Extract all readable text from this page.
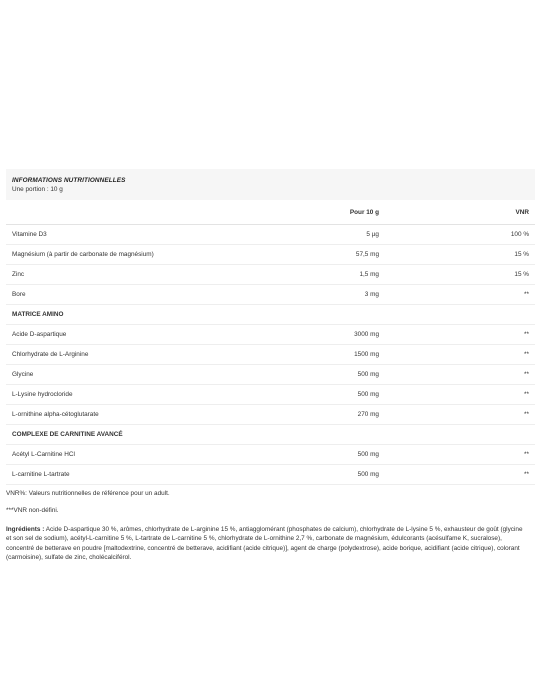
INFORMATIONS NUTRITIONNELLES
Une portion : 10 g
	Pour 10 g	VNR
Vitamine D3	5 µg	100 %
Magnésium (à partir de carbonate de magnésium)	57,5 mg	15 %
Zinc	1,5 mg	15 %
Bore	3 mg	**
MATRICE AMINO		
Acide D-aspartique	3000 mg	**
Chlorhydrate de L-Arginine	1500 mg	**
Glycine	500 mg	**
L-Lysine hydrocloride	500 mg	**
L-ornithine alpha-cétoglutarate	270 mg	**
COMPLEXE DE CARNITINE AVANCÉ		
Acétyl L-Carnitine HCl	500 mg	**
L-carnitine L-tartrate	500 mg	**
VNR%: Valeurs nutritionnelles de référence pour un adult.
***VNR non-défini.
Ingrédients : Acide D-aspartique 30 %, arômes, chlorhydrate de L-arginine 15 %, antiagglomérant (phosphates de calcium), chlorhydrate de L-lysine 5 %, exhausteur de goût (glycine et son sel de sodium), acétyl-L-carnitine 5 %, L-tartrate de L-carnitine 5 %, chlorhydrate de L-ornithine 2,7 %, carbonate de magnésium, édulcorants (acésulfame K, sucralose), concentré de betterave en poudre [maltodextrine, concentré de betterave, acidifiant (acide citrique)], agent de charge (polydextrose), acide borique, acidifiant (acide citrique), colorant (carmoisine), sulfate de zinc, cholécalciférol.
